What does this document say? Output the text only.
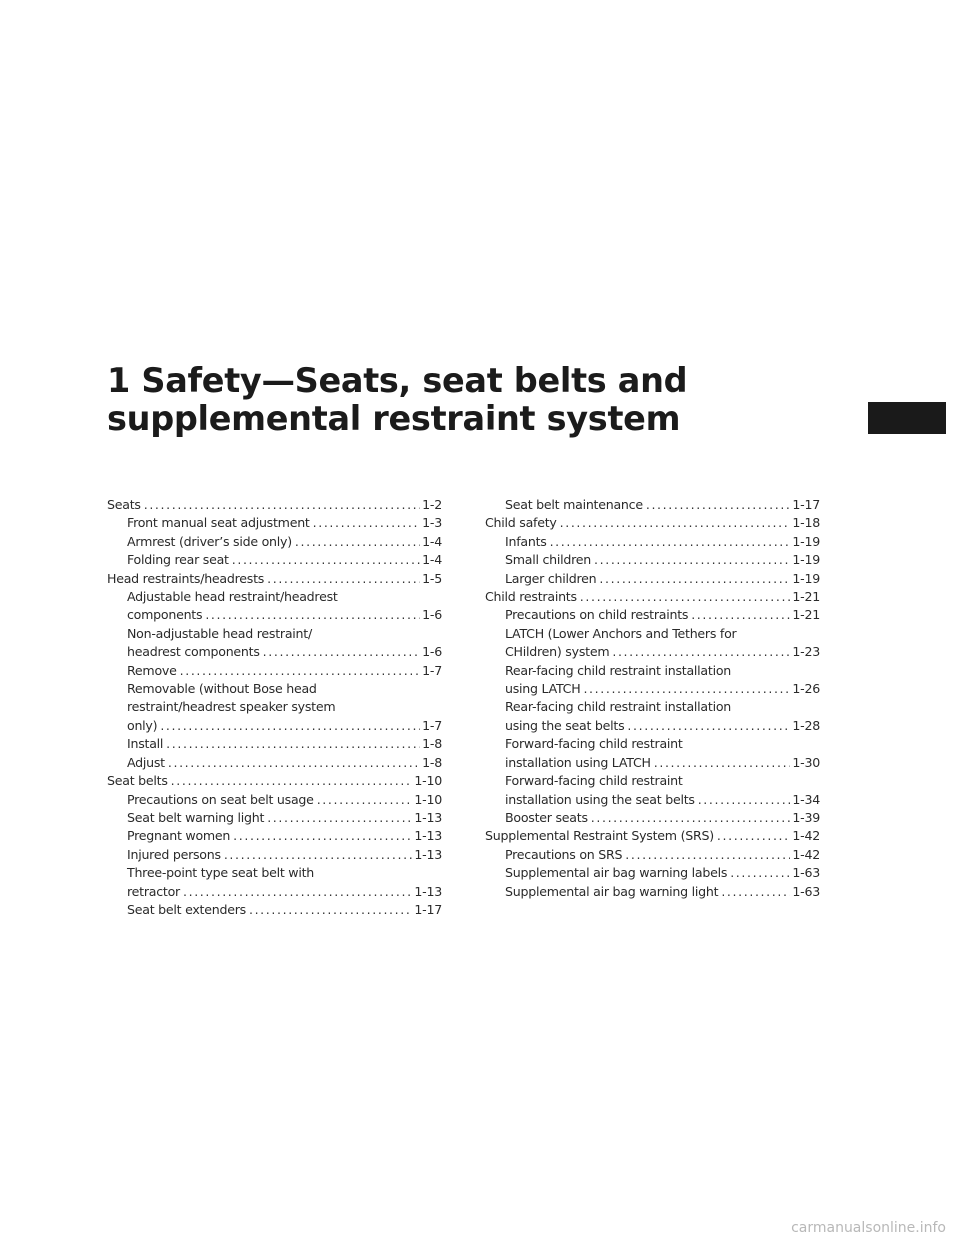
1 Safety—Seats, seat belts and
supplemental restraint system
Seats .....	1-2
Front manual seat adjustment .....	1-3
Armrest (driver’s side only) .....	1-4
Folding rear seat .....	1-4
Head restraints/headrests .....	1-5
Adjustable head restraint/headrest
components .....	1-6
Non-adjustable head restraint/
headrest components .....	1-6
Remove .....	1-7
Removable (without Bose head
restraint/headrest speaker system
only) .....	1-7
Install .....	1-8
Adjust .....	1-8
Seat belts .....	1-10
Precautions on seat belt usage .....	1-10
Seat belt warning light .....	1-13
Pregnant women .....	1-13
Injured persons .....	1-13
Three-point type seat belt with
retractor .....	1-13
Seat belt extenders .....	1-17
Seat belt maintenance .....	1-17
Child safety .....	1-18
Infants .....	1-19
Small children .....	1-19
Larger children .....	1-19
Child restraints .....	1-21
Precautions on child restraints .....	1-21
LATCH (Lower Anchors and Tethers for
CHildren) system .....	1-23
Rear-facing child restraint installation
using LATCH .....	1-26
Rear-facing child restraint installation
using the seat belts .....	1-28
Forward-facing child restraint
installation using LATCH .....	1-30
Forward-facing child restraint
installation using the seat belts .....	1-34
Booster seats .....	1-39
Supplemental Restraint System (SRS) .....	1-42
Precautions on SRS .....	1-42
Supplemental air bag warning labels .....	1-63
Supplemental air bag warning light .....	1-63
carmanualsonline.info
